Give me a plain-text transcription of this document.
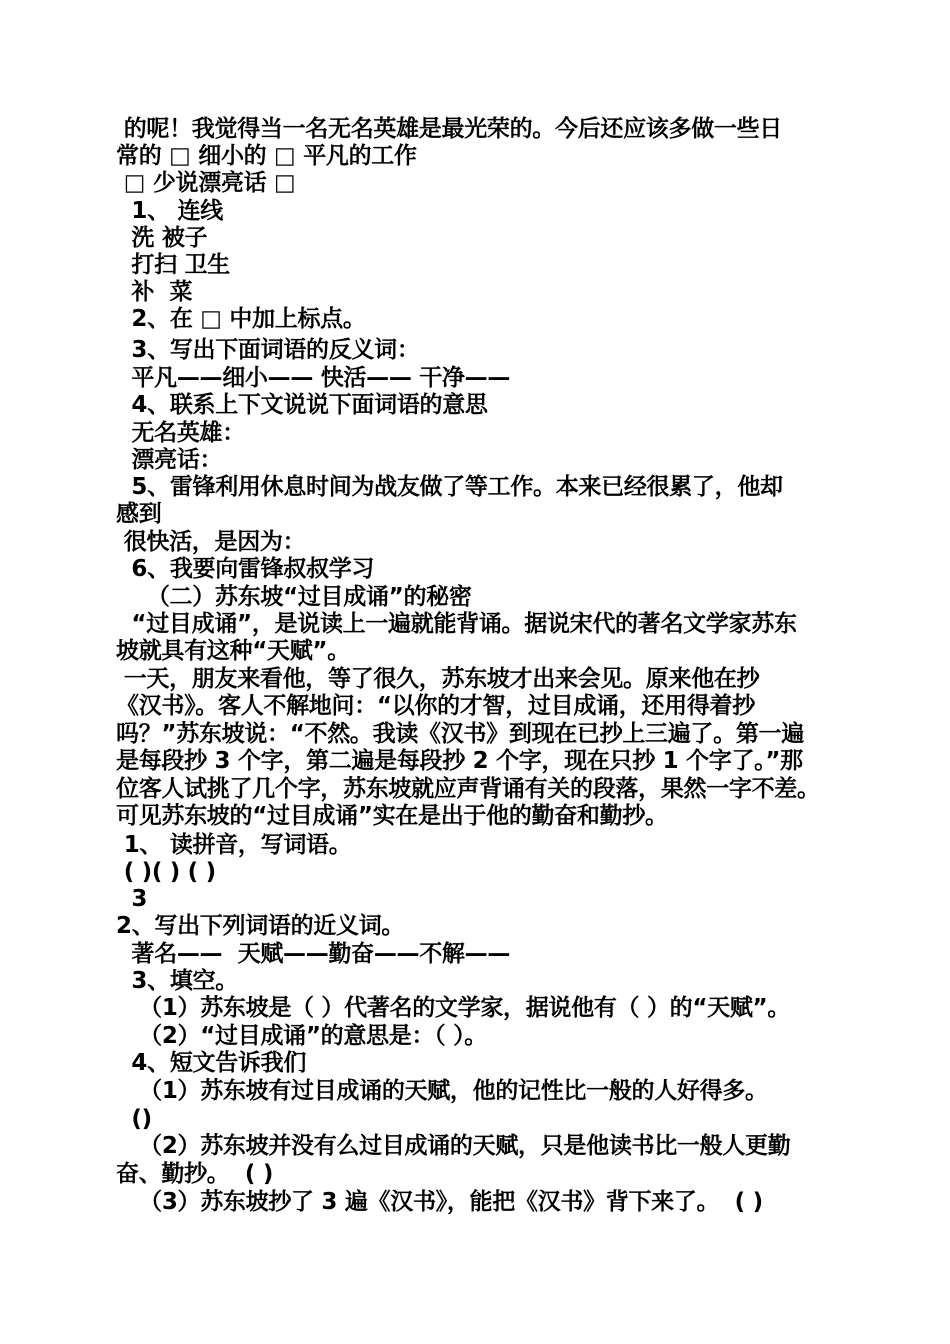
的呢！我觉得当一名无名英雄是最光荣的。今后还应该多做一些日
常的 □ 细小的 □ 平凡的工作
□ 少说漂亮话 □
1、 连线
洗 被子
打扫 卫生
补  菜
2、在 □ 中加上标点。
3、写出下面词语的反义词：
平凡——细小—— 快活—— 干净——
4、联系上下文说说下面词语的意思
无名英雄：
漂亮话：
5、雷锋利用休息时间为战友做了等工作。本来已经很累了，他却
感到
很快活，是因为：
6、我要向雷锋叔叔学习
（二）苏东坡“过目成诵”的秘密
“过目成诵”，是说读上一遍就能背诵。据说宋代的著名文学家苏东
坡就具有这种“天赋”。
一天，朋友来看他，等了很久，苏东坡才出来会见。原来他在抄
《汉书》。客人不解地问：“以你的才智，过目成诵，还用得着抄
吗？”苏东坡说：“不然。我读《汉书》到现在已抄上三遍了。第一遍
是每段抄 3 个字，第二遍是每段抄 2 个字，现在只抄 1 个字了。”那
位客人试挑了几个字，苏东坡就应声背诵有关的段落，果然一字不差。
可见苏东坡的“过目成诵”实在是出于他的勤奋和勤抄。
1、 读拼音，写词语。
( )( ) ( )
3
2、写出下列词语的近义词。
著名——  天赋——勤奋——不解——
3、填空。
（1）苏东坡是（ ）代著名的文学家，据说他有（ ）的“天赋”。
（2）“过目成诵”的意思是：（ ）。
4、短文告诉我们
（1）苏东坡有过目成诵的天赋，他的记性比一般的人好得多。
()
（2）苏东坡并没有么过目成诵的天赋，只是他读书比一般人更勤
奋、勤抄。  ( )
（3）苏东坡抄了 3 遍《汉书》，能把《汉书》背下来了。  ( )
